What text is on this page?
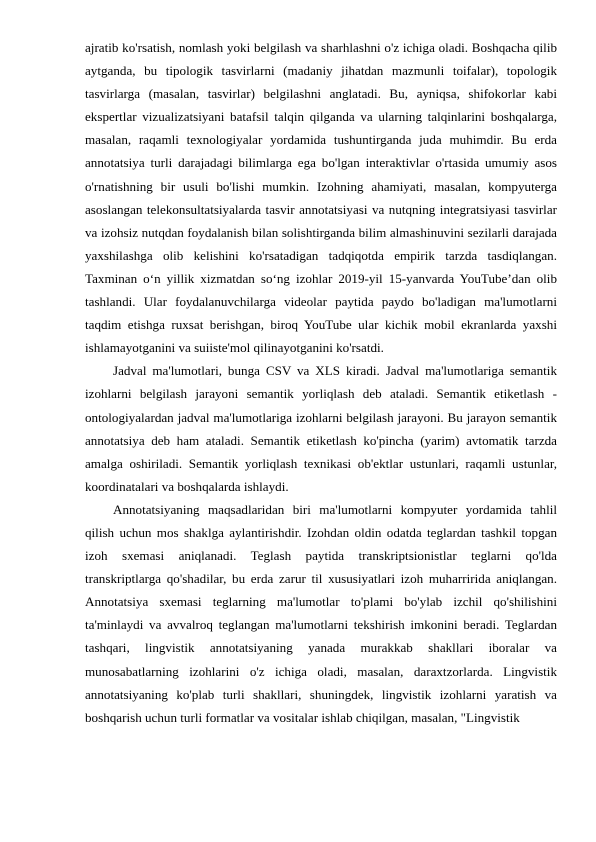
ajratib ko'rsatish, nomlash yoki belgilash va sharhlashni o'z ichiga oladi. Boshqacha qilib aytganda, bu tipologik tasvirlarni (madaniy jihatdan mazmunli toifalar), topologik tasvirlarga (masalan, tasvirlar) belgilashni anglatadi. Bu, ayniqsa, shifokorlar kabi ekspertlar vizualizatsiyani batafsil talqin qilganda va ularning talqinlarini boshqalarga, masalan, raqamli texnologiyalar yordamida tushuntirganda juda muhimdir. Bu erda annotatsiya turli darajadagi bilimlarga ega bo'lgan interaktivlar o'rtasida umumiy asos o'rnatishning bir usuli bo'lishi mumkin. Izohning ahamiyati, masalan, kompyuterga asoslangan telekonsultatsiyalarda tasvir annotatsiyasi va nutqning integratsiyasi tasvirlar va izohsiz nutqdan foydalanish bilan solishtirganda bilim almashinuvini sezilarli darajada yaxshilashga olib kelishini ko'rsatadigan tadqiqotda empirik tarzda tasdiqlangan. Taxminan o‘n yillik xizmatdan so‘ng izohlar 2019-yil 15-yanvarda YouTube’dan olib tashlandi. Ular foydalanuvchilarga videolar paytida paydo bo'ladigan ma'lumotlarni taqdim etishga ruxsat berishgan, biroq YouTube ular kichik mobil ekranlarda yaxshi ishlamayotganini va suiiste'mol qilinayotganini ko'rsatdi.

Jadval ma'lumotlari, bunga CSV va XLS kiradi. Jadval ma'lumotlariga semantik izohlarni belgilash jarayoni semantik yorliqlash deb ataladi. Semantik etiketlash - ontologiyalardan jadval ma'lumotlariga izohlarni belgilash jarayoni. Bu jarayon semantik annotatsiya deb ham ataladi. Semantik etiketlash ko'pincha (yarim) avtomatik tarzda amalga oshiriladi. Semantik yorliqlash texnikasi ob'ektlar ustunlari, raqamli ustunlar, koordinatalari va boshqalarda ishlaydi.

Annotatsiyaning maqsadlaridan biri ma'lumotlarni kompyuter yordamida tahlil qilish uchun mos shaklga aylantirishdir. Izohdan oldin odatda teglardan tashkil topgan izoh sxemasi aniqlanadi. Teglash paytida transkriptsionistlar teglarni qo'lda transkriptlarga qo'shadilar, bu erda zarur til xususiyatlari izoh muharririda aniqlangan. Annotatsiya sxemasi teglarning ma'lumotlar to'plami bo'ylab izchil qo'shilishini ta'minlaydi va avvalroq teglangan ma'lumotlarni tekshirish imkonini beradi. Teglardan tashqari, lingvistik annotatsiyaning yanada murakkab shakllari iboralar va munosabatlarning izohlarini o'z ichiga oladi, masalan, daraxtzorlarda. Lingvistik annotatsiyaning ko'plab turli shakllari, shuningdek, lingvistik izohlarni yaratish va boshqarish uchun turli formatlar va vositalar ishlab chiqilgan, masalan, "Lingvistik
